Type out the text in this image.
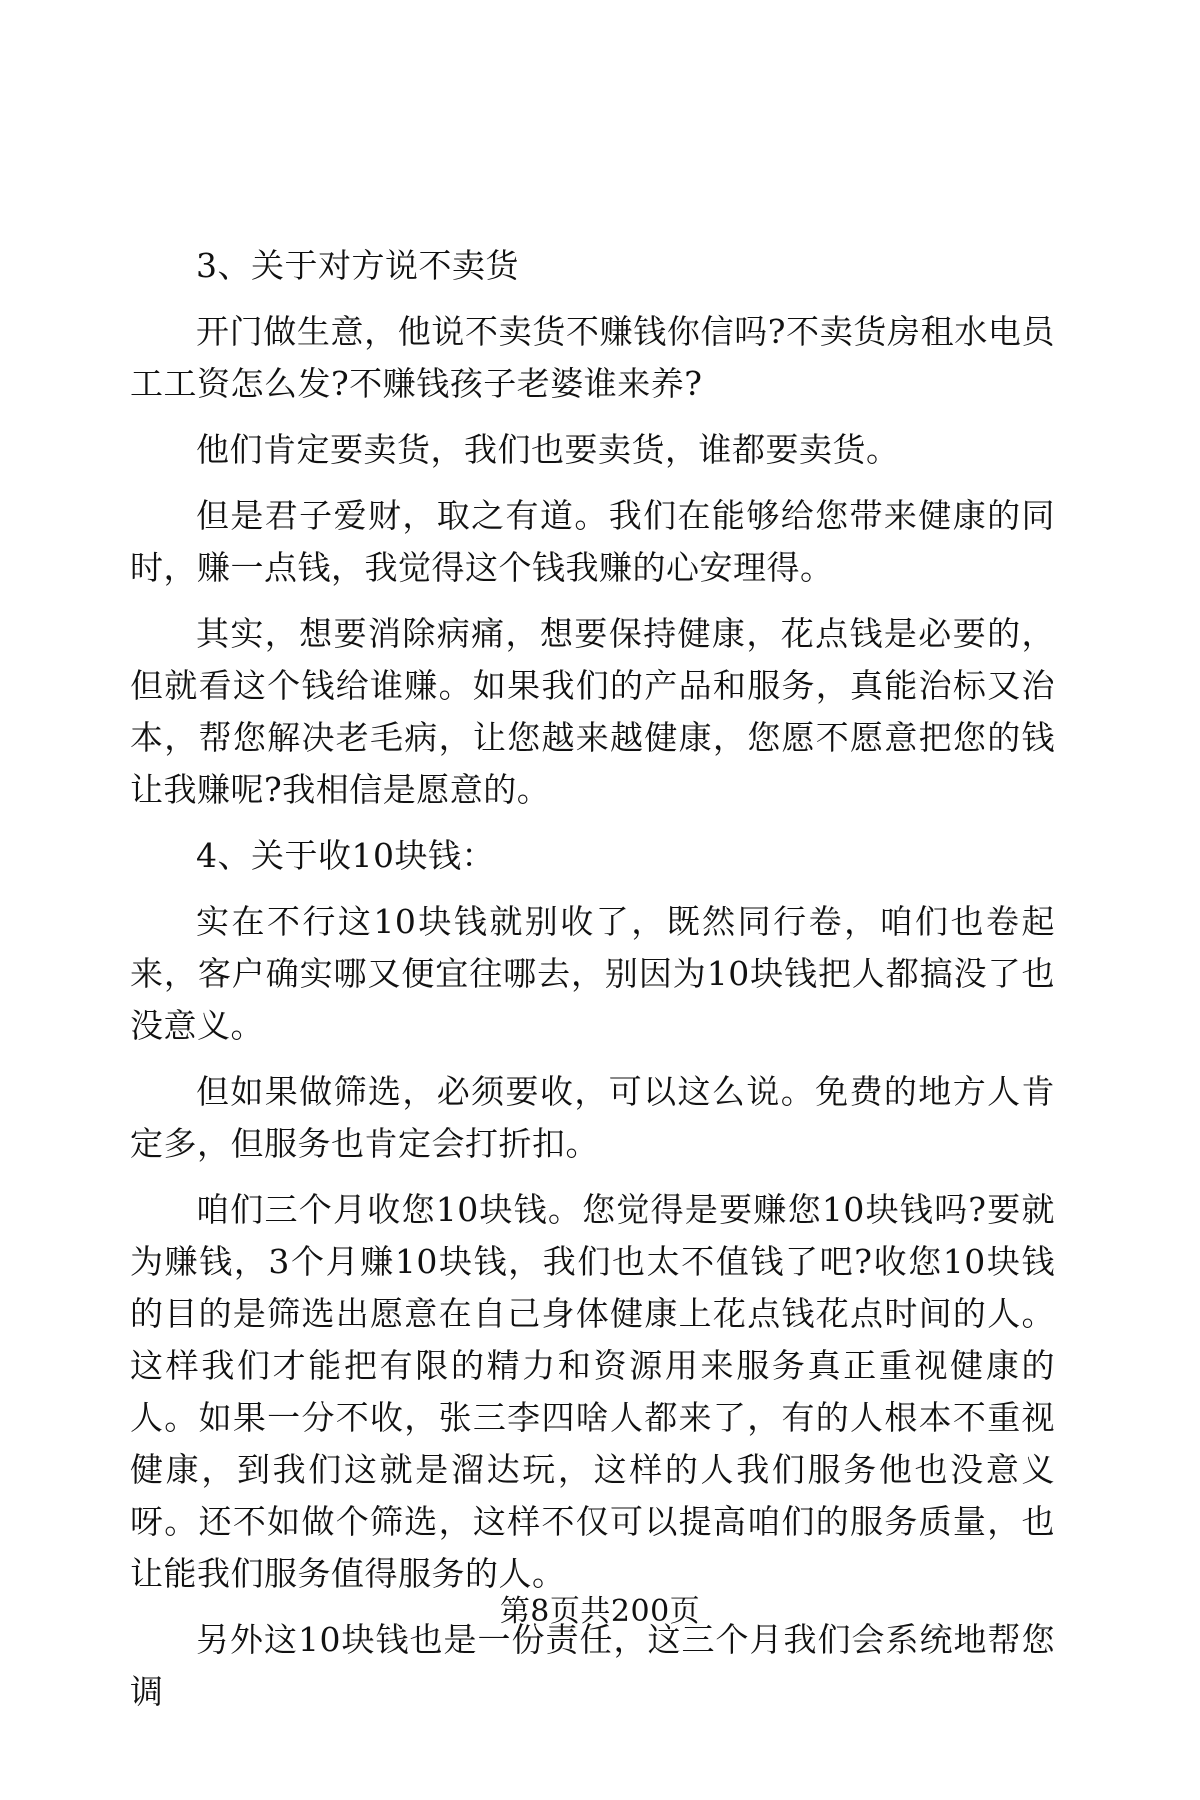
3、关于对方说不卖货

开门做生意，他说不卖货不赚钱你信吗?不卖货房租水电员工工资怎么发?不赚钱孩子老婆谁来养?

他们肯定要卖货，我们也要卖货，谁都要卖货。

但是君子爱财，取之有道。我们在能够给您带来健康的同时，赚一点钱，我觉得这个钱我赚的心安理得。

其实，想要消除病痛，想要保持健康，花点钱是必要的，但就看这个钱给谁赚。如果我们的产品和服务，真能治标又治本，帮您解决老毛病，让您越来越健康，您愿不愿意把您的钱让我赚呢?我相信是愿意的。

4、关于收10块钱：

实在不行这10块钱就别收了，既然同行卷，咱们也卷起来，客户确实哪又便宜往哪去，别因为10块钱把人都搞没了也没意义。

但如果做筛选，必须要收，可以这么说。免费的地方人肯定多，但服务也肯定会打折扣。

咱们三个月收您10块钱。您觉得是要赚您10块钱吗?要就为赚钱，3个月赚10块钱，我们也太不值钱了吧?收您10块钱的目的是筛选出愿意在自己身体健康上花点钱花点时间的人。这样我们才能把有限的精力和资源用来服务真正重视健康的人。如果一分不收，张三李四啥人都来了，有的人根本不重视健康，到我们这就是溜达玩，这样的人我们服务他也没意义呀。还不如做个筛选，这样不仅可以提高咱们的服务质量，也让能我们服务值得服务的人。

另外这10块钱也是一份责任，这三个月我们会系统地帮您调

第8页共200页
